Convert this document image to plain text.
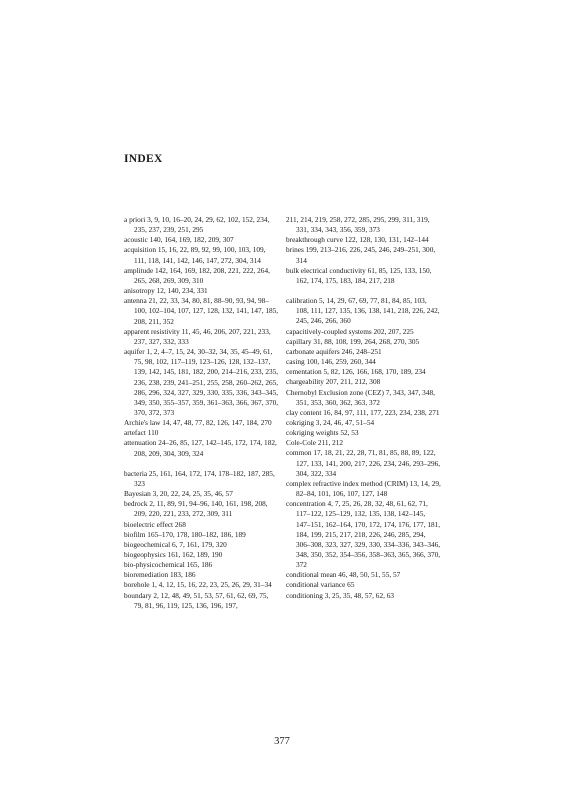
INDEX
a priori 3, 9, 10, 16–20, 24, 29, 62, 102, 152, 234, 235, 237, 239, 251, 295
acoustic 140, 164, 169, 182, 209, 307
acquisition 15, 16, 22, 89, 92, 99, 100, 103, 109, 111, 118, 141, 142, 146, 147, 272, 304, 314
amplitude 142, 164, 169, 182, 208, 221, 222, 264, 265, 268, 269, 309, 310
anisotropy 12, 140, 234, 331
antenna 21, 22, 33, 34, 80, 81, 88–90, 93, 94, 98–100, 102–104, 107, 127, 128, 132, 141, 147, 185, 208, 211, 352
apparent resistivity 11, 45, 46, 206, 207, 221, 233, 237, 327, 332, 333
aquifer 1, 2, 4–7, 15, 24, 30–32, 34, 35, 45–49, 61, 75, 98, 102, 117–119, 123–126, 128, 132–137, 139, 142, 145, 181, 182, 200, 214–216, 233, 235, 236, 238, 239, 241–251, 255, 258, 260–262, 265, 286, 296, 324, 327, 329, 330, 335, 336, 343–345, 349, 350, 355–357, 359, 361–363, 366, 367, 370, 370, 372, 373
Archie's law 14, 47, 48, 77, 82, 126, 147, 184, 270
artefact 110
attenuation 24–26, 85, 127, 142–145, 172, 174, 182, 208, 209, 304, 309, 324
bacteria 25, 161, 164, 172, 174, 178–182, 187, 285, 323
Bayesian 3, 20, 22, 24, 25, 35, 46, 57
bedrock 2, 11, 89, 91, 94–96, 140, 161, 198, 208, 209, 220, 221, 233, 272, 309, 311
bioelectric effect 268
biofilm 165–170, 178, 180–182, 186, 189
biogeochemical 6, 7, 161, 179, 320
biogeophysics 161, 162, 189, 190
bio-physicochemical 165, 186
bioremediation 183, 186
borehole 1, 4, 12, 15, 16, 22, 23, 25, 26, 29, 31–34
boundary 2, 12, 48, 49, 51, 53, 57, 61, 62, 69, 75, 79, 81, 96, 119, 125, 136, 196, 197,
211, 214, 219, 258, 272, 285, 295, 299, 311, 319, 331, 334, 343, 356, 359, 373
breakthrough curve 122, 128, 130, 131, 142–144
brines 199, 213–216, 226, 245, 246, 249–251, 300, 314
bulk electrical conductivity 61, 85, 125, 133, 150, 162, 174, 175, 183, 184, 217, 218
calibration 5, 14, 29, 67, 69, 77, 81, 84, 85, 103, 108, 111, 127, 135, 136, 138, 141, 218, 226, 242, 245, 246, 266, 360
capacitively-coupled systems 202, 207, 225
capillary 31, 88, 108, 199, 264, 268, 270, 305
carbonate aquifers 246, 248–251
casing 100, 146, 259, 260, 344
cementation 5, 82, 126, 166, 168, 170, 189, 234
chargeability 207, 211, 212, 308
Chernobyl Exclusion zone (CEZ) 7, 343, 347, 348, 351, 353, 360, 362, 363, 372
clay content 16, 84, 97, 111, 177, 223, 234, 238, 271
cokriging 3, 24, 46, 47, 51–54
cokriging weights 52, 53
Cole-Cole 211, 212
common 17, 18, 21, 22, 28, 71, 81, 85, 88, 89, 122, 127, 133, 141, 200, 217, 226, 234, 246, 293–296, 304, 322, 334
complex refractive index method (CRIM) 13, 14, 29, 82–84, 101, 106, 107, 127, 148
concentration 4, 7, 25, 26, 28, 32, 48, 61, 62, 71, 117–122, 125–129, 132, 135, 138, 142–145, 147–151, 162–164, 170, 172, 174, 176, 177, 181, 184, 199, 215, 217, 218, 226, 246, 285, 294, 306–308, 323, 327, 329, 330, 334–336, 343–346, 348, 350, 352, 354–356, 358–363, 365, 366, 370, 372
conditional mean 46, 48, 50, 51, 55, 57
conditional variance 65
conditioning 3, 25, 35, 48, 57, 62, 63
377
